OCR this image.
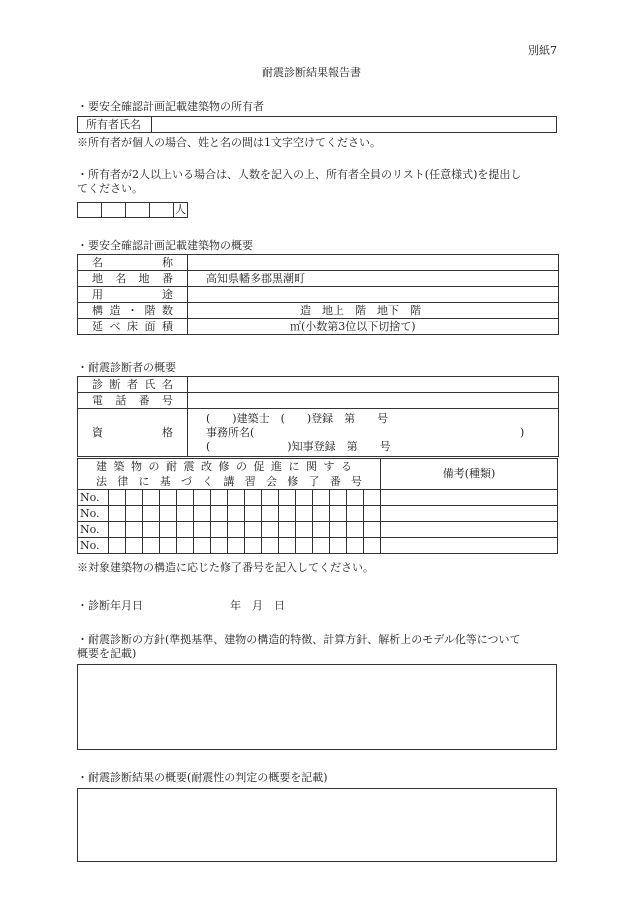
別紙7
耐震診断結果報告書
・要安全確認計画記載建築物の所有者
所有者氏名
※所有者が個人の場合、姓と名の間は1文字空けてください。
・所有者が2人以上いる場合は、人数を記入の上、所有者全員のリスト(任意様式)を提出し
てください。
				人
・要安全確認計画記載建築物の概要
名　　　称	
地名地番	高知県幡多郡黒潮町
用　　　途	
構造・階数	造　地上　階　地下　階
延べ床面積	㎡(小数第3位以下切捨て)
・耐震診断者の概要
診断者氏名	
電話番号	
資　　　格	(　　)建築士　(　　)登録　第　　号
事務所名( )
(　　　　　　　)知事登録　第　　号
建築物の耐震改修の促進に関する
法律に基づく講習会修了番号																	備考(種類)
No.																	
No.																	
No.																	
No.																	
※対象建築物の構造に応じた修了番号を記入してください。
・診断年月日	年　月　日
・耐震診断の方針(準拠基準、建物の構造的特徴、計算方針、解析上のモデル化等について
概要を記載)
・耐震診断結果の概要(耐震性の判定の概要を記載)
